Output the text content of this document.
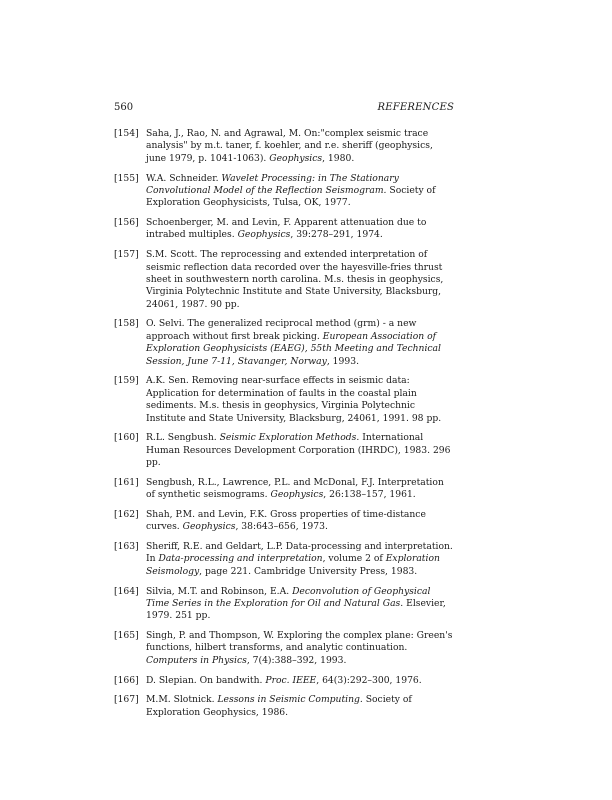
560	REFERENCES
[154] Saha, J., Rao, N. and Agrawal, M. On:"complex seismic trace analysis" by m.t. taner, f. koehler, and r.e. sheriff (geophysics, june 1979, p. 1041-1063). Geophysics, 1980.
[155] W.A. Schneider. Wavelet Processing: in The Stationary Convolutional Model of the Reflection Seismogram. Society of Exploration Geophysicists, Tulsa, OK, 1977.
[156] Schoenberger, M. and Levin, F. Apparent attenuation due to intrabed multiples. Geophysics, 39:278–291, 1974.
[157] S.M. Scott. The reprocessing and extended interpretation of seismic reflection data recorded over the hayesville-fries thrust sheet in southwestern north carolina. M.s. thesis in geophysics, Virginia Polytechnic Institute and State University, Blacksburg, 24061, 1987. 90 pp.
[158] O. Selvi. The generalized reciprocal method (grm) - a new approach without first break picking. European Association of Exploration Geophysicists (EAEG), 55th Meeting and Technical Session, June 7-11, Stavanger, Norway, 1993.
[159] A.K. Sen. Removing near-surface effects in seismic data: Application for determination of faults in the coastal plain sediments. M.s. thesis in geophysics, Virginia Polytechnic Institute and State University, Blacksburg, 24061, 1991. 98 pp.
[160] R.L. Sengbush. Seismic Exploration Methods. International Human Resources Development Corporation (IHRDC), 1983. 296 pp.
[161] Sengbush, R.L., Lawrence, P.L. and McDonal, F.J. Interpretation of synthetic seismograms. Geophysics, 26:138–157, 1961.
[162] Shah, P.M. and Levin, F.K. Gross properties of time-distance curves. Geophysics, 38:643–656, 1973.
[163] Sheriff, R.E. and Geldart, L.P. Data-processing and interpretation. In Data-processing and interpretation, volume 2 of Exploration Seismology, page 221. Cambridge University Press, 1983.
[164] Silvia, M.T. and Robinson, E.A. Deconvolution of Geophysical Time Series in the Exploration for Oil and Natural Gas. Elsevier, 1979. 251 pp.
[165] Singh, P. and Thompson, W. Exploring the complex plane: Green's functions, hilbert transforms, and analytic continuation. Computers in Physics, 7(4):388–392, 1993.
[166] D. Slepian. On bandwith. Proc. IEEE, 64(3):292–300, 1976.
[167] M.M. Slotnick. Lessons in Seismic Computing. Society of Exploration Geophysics, 1986.
